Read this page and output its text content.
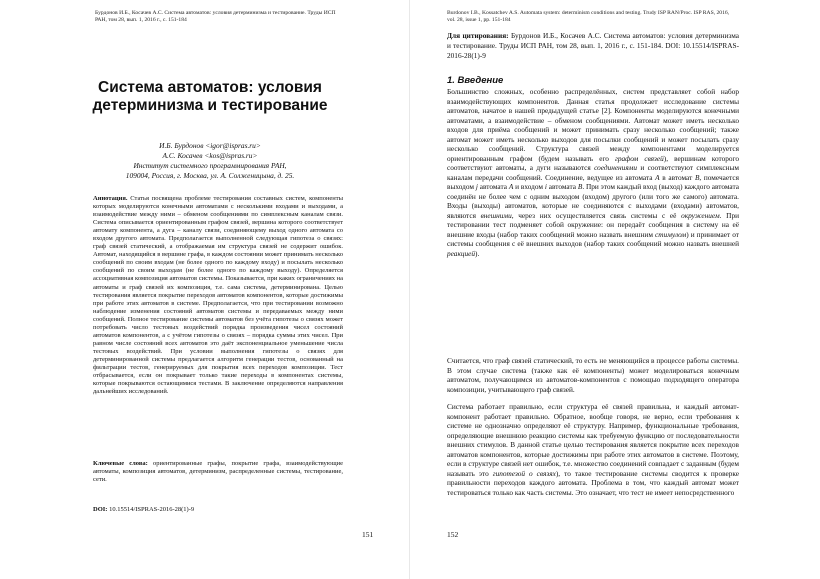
Бурдонов И.Б., Косачев А.С. Система автоматов: условия детерминизма и тестирование. Труды ИСП РАН, том 28, вып. 1, 2016 г., с. 151-184
Система автоматов: условия детерминизма и тестирование
И.Б. Бурдонов <igor@ispras.ru>
А.С. Косачев <kos@ispras.ru>
Институт системного программирования РАН,
109004, Россия, г. Москва, ул. А. Солженицына, д. 25.
Аннотация. Статья посвящена проблеме тестирования составных систем, компоненты которых моделируются конечными автоматами с несколькими входами и выходами, а взаимодействие между ними – обменом сообщениями по симплексным каналам связи. Система описывается ориентированным графом связей, вершина которого соответствует автомату компонента, а дуга – каналу связи, соединяющему выход одного автомата со входом другого автомата. Предполагается выполненной следующая гипотеза о связях: граф связей статический, а отображаемая им структура связей не содержит ошибок. Автомат, находящийся в вершине графа, в каждом состоянии может принимать несколько сообщений по своим входам (не более одного по каждому входу) и посылать несколько сообщений по своим выходам (не более одного по каждому выходу). Определяется ассоциативная композиция автоматов системы. Показывается, при каких ограничениях на автоматы и граф связей их композиция, т.е. сама система, детерминирована. Целью тестирования является покрытие переходов автоматов компонентов, которые достижимы при работе этих автоматов в системе. Предполагается, что при тестировании возможно наблюдение изменения состояний автоматов системы и передаваемых между ними сообщений. Полное тестирование системы автоматов без учёта гипотезы о связях может потребовать число тестовых воздействий порядка произведения чисел состояний автоматов компонентов, а с учётом гипотезы о связях – порядка суммы этих чисел. При равном числе состояний всех автоматов это даёт экспоненциальное уменьшение числа тестовых воздействий. При условии выполнения гипотезы о связях для детерминированной системы предлагается алгоритм генерации тестов, основанный на фильтрации тестов, генерируемых для покрытия всех переходов композиции. Тест отбрасывается, если он покрывает только такие переходы в компонентах системы, которые покрываются остающимися тестами. В заключение определяются направления дальнейших исследований.
Ключевые слова: ориентированные графы, покрытие графа, взаимодействующие автоматы, композиция автоматов, детерминизм, распределенные системы, тестирование, сети.
DOI: 10.15514/ISPRAS-2016-28(1)-9
151
Burdonov I.B., Kossatchev A.S. Automata system: determinism conditions and testing. Trudy ISP RAN/Proc. ISP RAS, 2016, vol. 28, issue 1, pp. 151-184
Для цитирования: Бурдонов И.Б., Косачев А.С. Система автоматов: условия детерминизма и тестирование. Труды ИСП РАН, том 28, вып. 1, 2016 г., с. 151-184. DOI: 10.15514/ISPRAS-2016-28(1)-9
1. Введение
Большинство сложных, особенно распределённых, систем представляет собой набор взаимодействующих компонентов. Данная статья продолжает исследование системы автоматов, начатое в нашей предыдущей статье [2]. Компоненты моделируются конечными автоматами, а взаимодействие – обменом сообщениями. Автомат может иметь несколько входов для приёма сообщений и может принимать сразу несколько сообщений; также автомат может иметь несколько выходов для посылки сообщений и может посылать сразу несколько сообщений. Структура связей между компонентами моделируется ориентированным графом (будем называть его графом связей), вершинам которого соответствуют автоматы, а дуги называются соединениями и соответствуют симплексным каналам передачи сообщений. Соединение, ведущее из автомата A в автомат B, помечается выходом j автомата A и входом i автомата B. При этом каждый вход (выход) каждого автомата соединён не более чем с одним выходом (входом) другого (или того же самого) автомата. Входы (выходы) автоматов, которые не соединяются с выходами (входами) автоматов, являются внешними, через них осуществляется связь системы с её окружением. При тестировании тест подменяет собой окружение: он передаёт сообщения в систему на её внешние входы (набор таких сообщений можно назвать внешним стимулом) и принимает от системы сообщения с её внешних выходов (набор таких сообщений можно назвать внешней реакцией).
Считается, что граф связей статический, то есть не меняющийся в процессе работы системы. В этом случае система (также как её компоненты) может моделироваться конечным автоматом, получающимся из автоматов-компонентов с помощью подходящего оператора композиции, учитывающего граф связей.
Система работает правильно, если структура её связей правильна, и каждый автомат-компонент работает правильно. Обратное, вообще говоря, не верно, если требования к системе не однозначно определяют её структуру. Например, функциональные требования, определяющие внешнюю реакцию системы как требуемую функцию от последовательности внешних стимулов. В данной статье целью тестирования является покрытие всех переходов автоматов компонентов, которые достижимы при работе этих автоматов в системе. Поэтому, если в структуре связей нет ошибок, т.е. множество соединений совпадает с заданным (будем называть это гипотезой о связях), то такое тестирование системы сводится к проверке правильности переходов каждого автомата. Проблема в том, что каждый автомат может тестироваться только как часть системы. Это означает, что тест не имеет непосредственного
152
